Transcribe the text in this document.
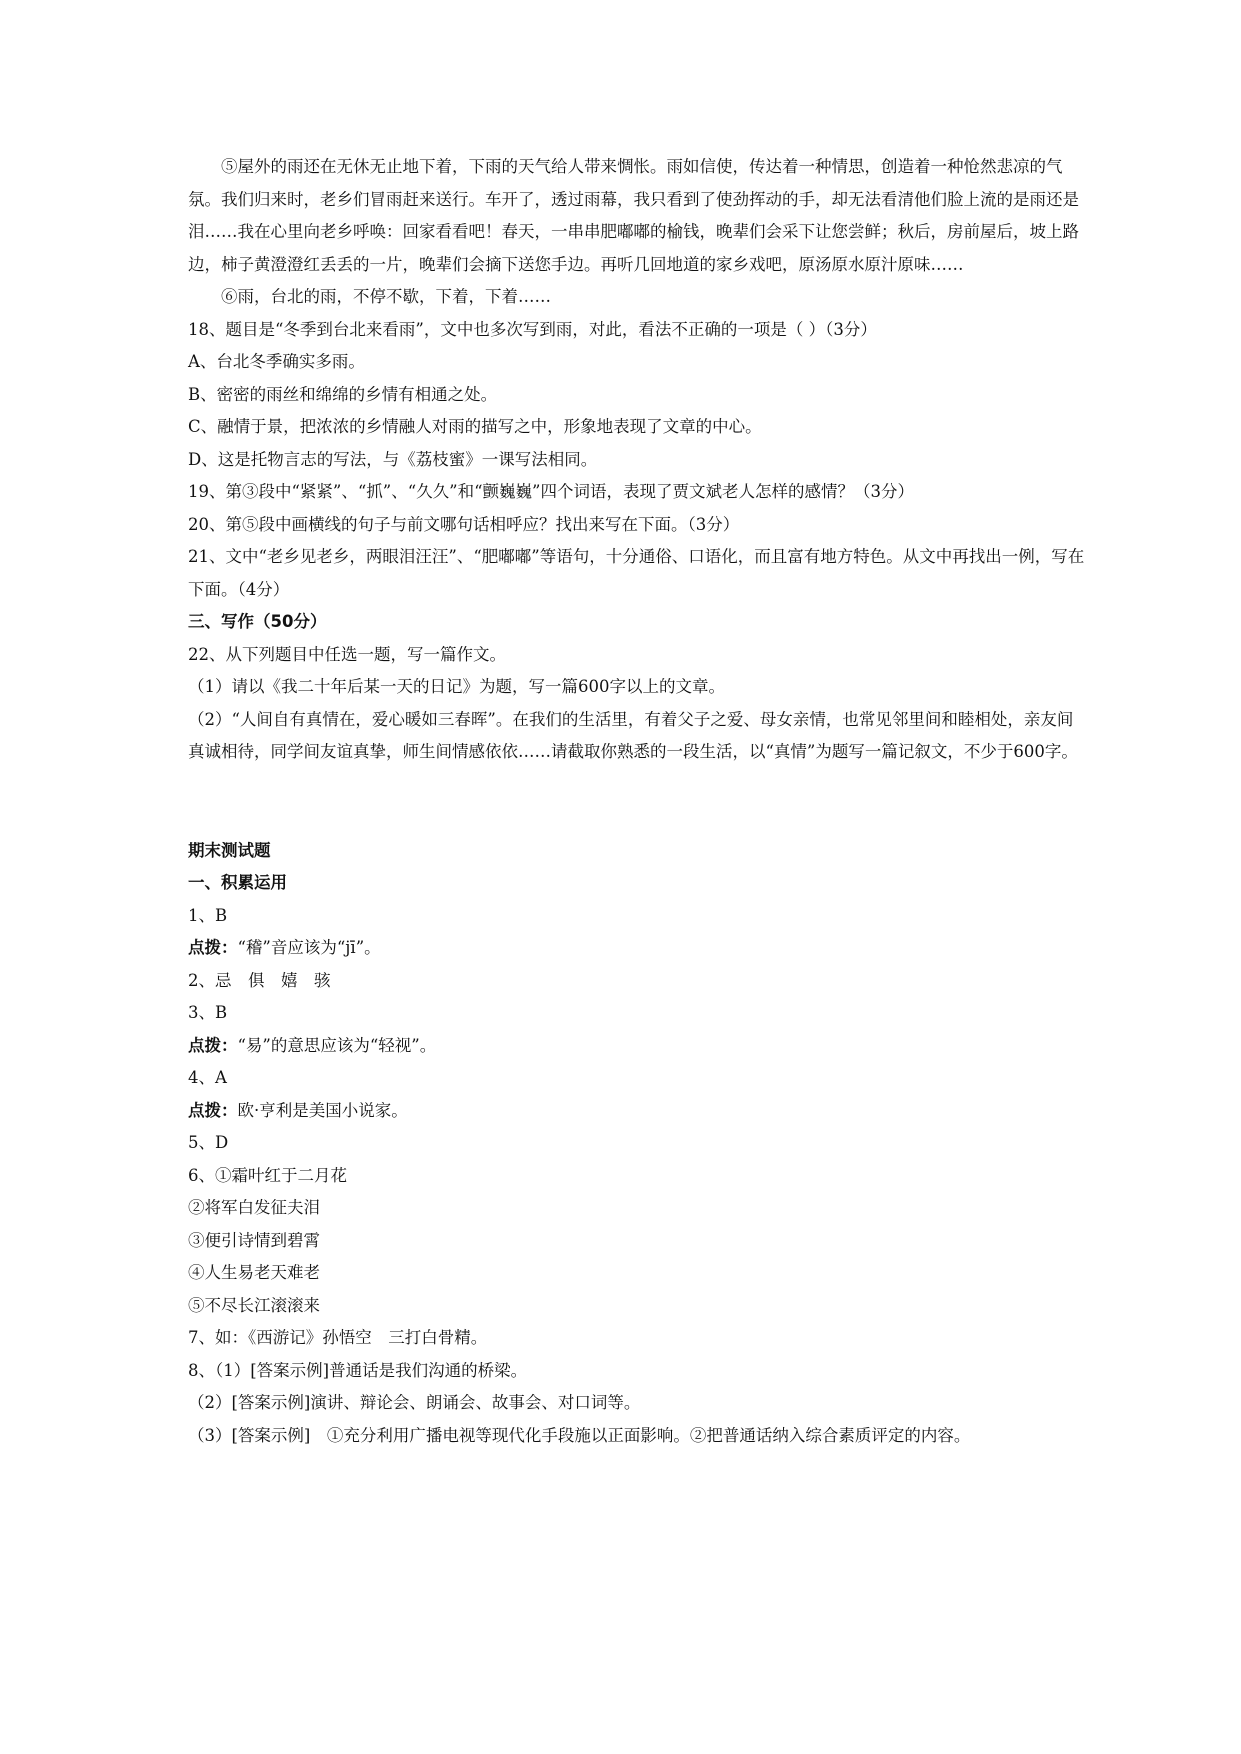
⑤屋外的雨还在无休无止地下着，下雨的天气给人带来惆怅。雨如信使，传达着一种情思，创造着一种怆然悲凉的气氛。我们归来时，老乡们冒雨赶来送行。车开了，透过雨幕，我只看到了使劲挥动的手，却无法看清他们脸上流的是雨还是泪……我在心里向老乡呼唤：回家看看吧！春天，一串串肥嘟嘟的榆钱，晚辈们会采下让您尝鲜；秋后，房前屋后，坡上路边，柿子黄澄澄红丢丢的一片，晚辈们会摘下送您手边。再听几回地道的家乡戏吧，原汤原水原汁原味……

⑥雨，台北的雨，不停不歇，下着，下着……

18、题目是“冬季到台北来看雨”，文中也多次写到雨，对此，看法不正确的一项是（ ）（3分）

A、台北冬季确实多雨。

B、密密的雨丝和绵绵的乡情有相通之处。

C、融情于景，把浓浓的乡情融人对雨的描写之中，形象地表现了文章的中心。

D、这是托物言志的写法，与《荔枝蜜》一课写法相同。

19、第③段中“紧紧”、“抓”、“久久”和“颤巍巍”四个词语，表现了贾文斌老人怎样的感情？（3分）

20、第⑤段中画横线的句子与前文哪句话相呼应？找出来写在下面。（3分）

21、文中“老乡见老乡，两眼泪汪汪”、“肥嘟嘟”等语句，十分通俗、口语化，而且富有地方特色。从文中再找出一例，写在下面。（4分）

三、写作（50分）

22、从下列题目中任选一题，写一篇作文。

（1）请以《我二十年后某一天的日记》为题，写一篇600字以上的文章。

（2）“人间自有真情在，爱心暖如三春晖”。在我们的生活里，有着父子之爱、母女亲情，也常见邻里间和睦相处，亲友间真诚相待，同学间友谊真挚，师生间情感依依……请截取你熟悉的一段生活，以“真情”为题写一篇记叙文，不少于600字。

期末测试题

一、积累运用

1、B

点拨：“稽”音应该为“jī”。

2、忌　俱　嬉　骇

3、B

点拨：“易”的意思应该为“轻视”。

4、A

点拨：欧·亨利是美国小说家。

5、D

6、①霜叶红于二月花

②将军白发征夫泪

③便引诗情到碧霄

④人生易老天难老

⑤不尽长江滚滚来

7、如：《西游记》孙悟空　三打白骨精。

8、（1）[答案示例]普通话是我们沟通的桥梁。

（2）[答案示例]演讲、辩论会、朗诵会、故事会、对口词等。

（3）[答案示例]　①充分利用广播电视等现代化手段施以正面影响。②把普通话纳入综合素质评定的内容。
